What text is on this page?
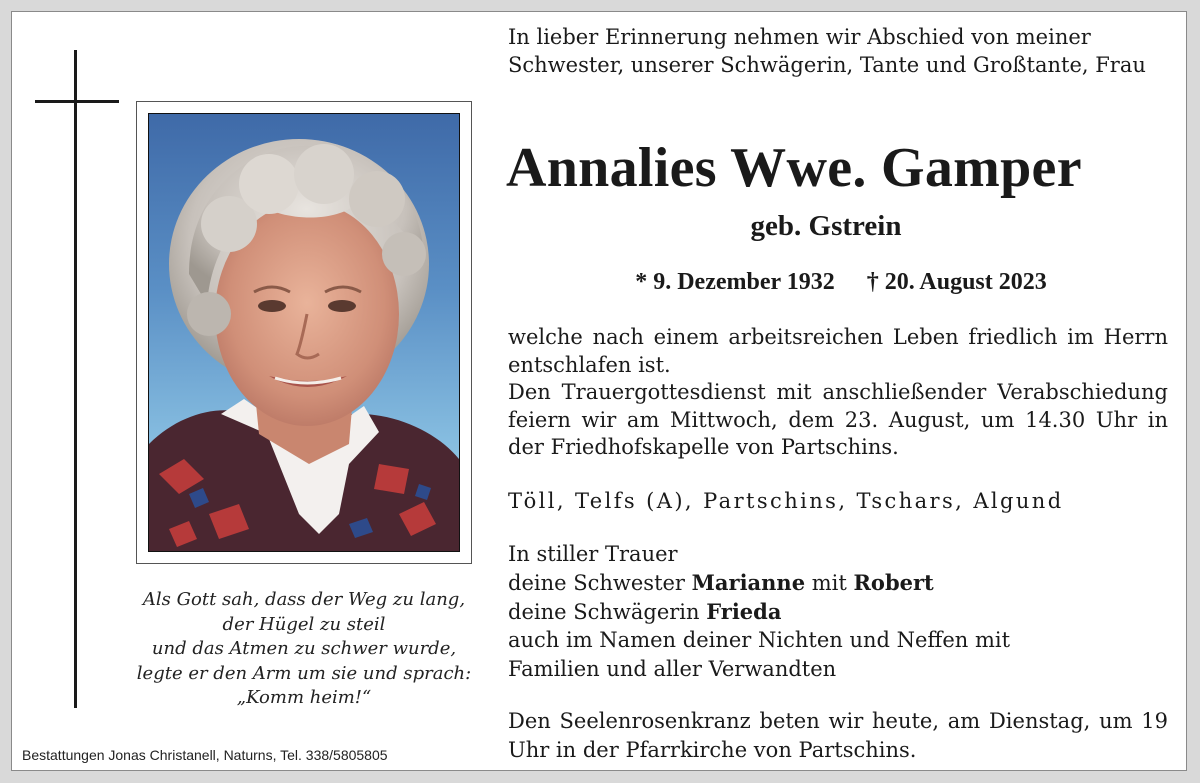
Als Gott sah, dass der Weg zu lang,
der Hügel zu steil
und das Atmen zu schwer wurde,
legte er den Arm um sie und sprach:
„Komm heim!“
Bestattungen Jonas Christanell, Naturns, Tel. 338/5805805
In lieber Erinnerung nehmen wir Abschied von meiner Schwester, unserer Schwägerin, Tante und Großtante, Frau
Annalies Wwe. Gamper
geb. Gstrein
* 9. Dezember 1932 † 20. August 2023
welche nach einem arbeitsreichen Leben friedlich im Herrn entschlafen ist.
Den Trauergottesdienst mit anschließender Verabschiedung feiern wir am Mittwoch, dem 23. August, um 14.30 Uhr in der Friedhofskapelle von Partschins.
Töll, Telfs (A), Partschins, Tschars, Algund
In stiller Trauer
deine Schwester Marianne mit Robert
deine Schwägerin Frieda
auch im Namen deiner Nichten und Neffen mit
Familien und aller Verwandten
Den Seelenrosenkranz beten wir heute, am Dienstag, um 19 Uhr in der Pfarrkirche von Partschins.
